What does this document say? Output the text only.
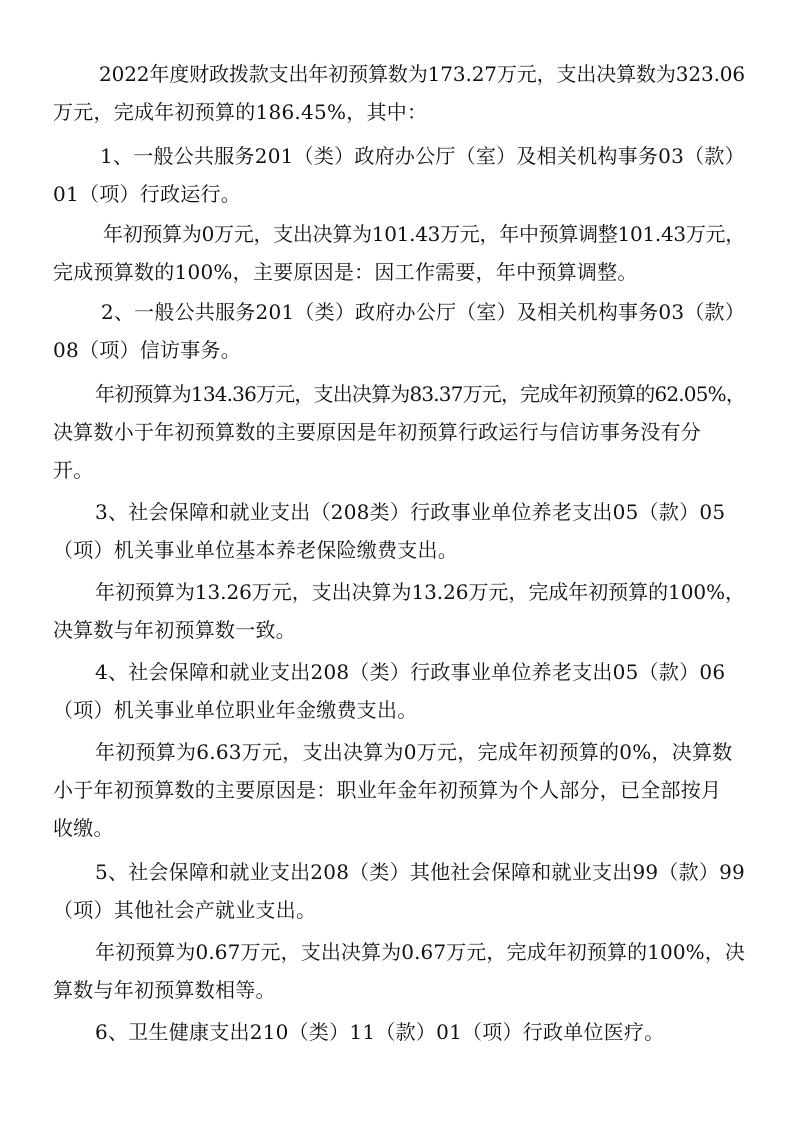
2022年度财政拨款支出年初预算数为173.27万元，支出决算数为323.06
万元，完成年初预算的186.45%，其中：
1、一般公共服务201（类）政府办公厅（室）及相关机构事务03（款）
01（项）行政运行。
年初预算为0万元，支出决算为101.43万元，年中预算调整101.43万元，
完成预算数的100%，主要原因是：因工作需要，年中预算调整。
2、一般公共服务201（类）政府办公厅（室）及相关机构事务03（款）
08（项）信访事务。
年初预算为134.36万元，支出决算为83.37万元，完成年初预算的62.05%，
决算数小于年初预算数的主要原因是年初预算行政运行与信访事务没有分
开。
3、社会保障和就业支出（208类）行政事业单位养老支出05（款）05
（项）机关事业单位基本养老保险缴费支出。
年初预算为13.26万元，支出决算为13.26万元，完成年初预算的100%，
决算数与年初预算数一致。
4、社会保障和就业支出208（类）行政事业单位养老支出05（款）06
（项）机关事业单位职业年金缴费支出。
年初预算为6.63万元，支出决算为0万元，完成年初预算的0%，决算数
小于年初预算数的主要原因是：职业年金年初预算为个人部分，已全部按月
收缴。
5、社会保障和就业支出208（类）其他社会保障和就业支出99（款）99
（项）其他社会产就业支出。
年初预算为0.67万元，支出决算为0.67万元，完成年初预算的100%，决
算数与年初预算数相等。
6、卫生健康支出210（类）11（款）01（项）行政单位医疗。
